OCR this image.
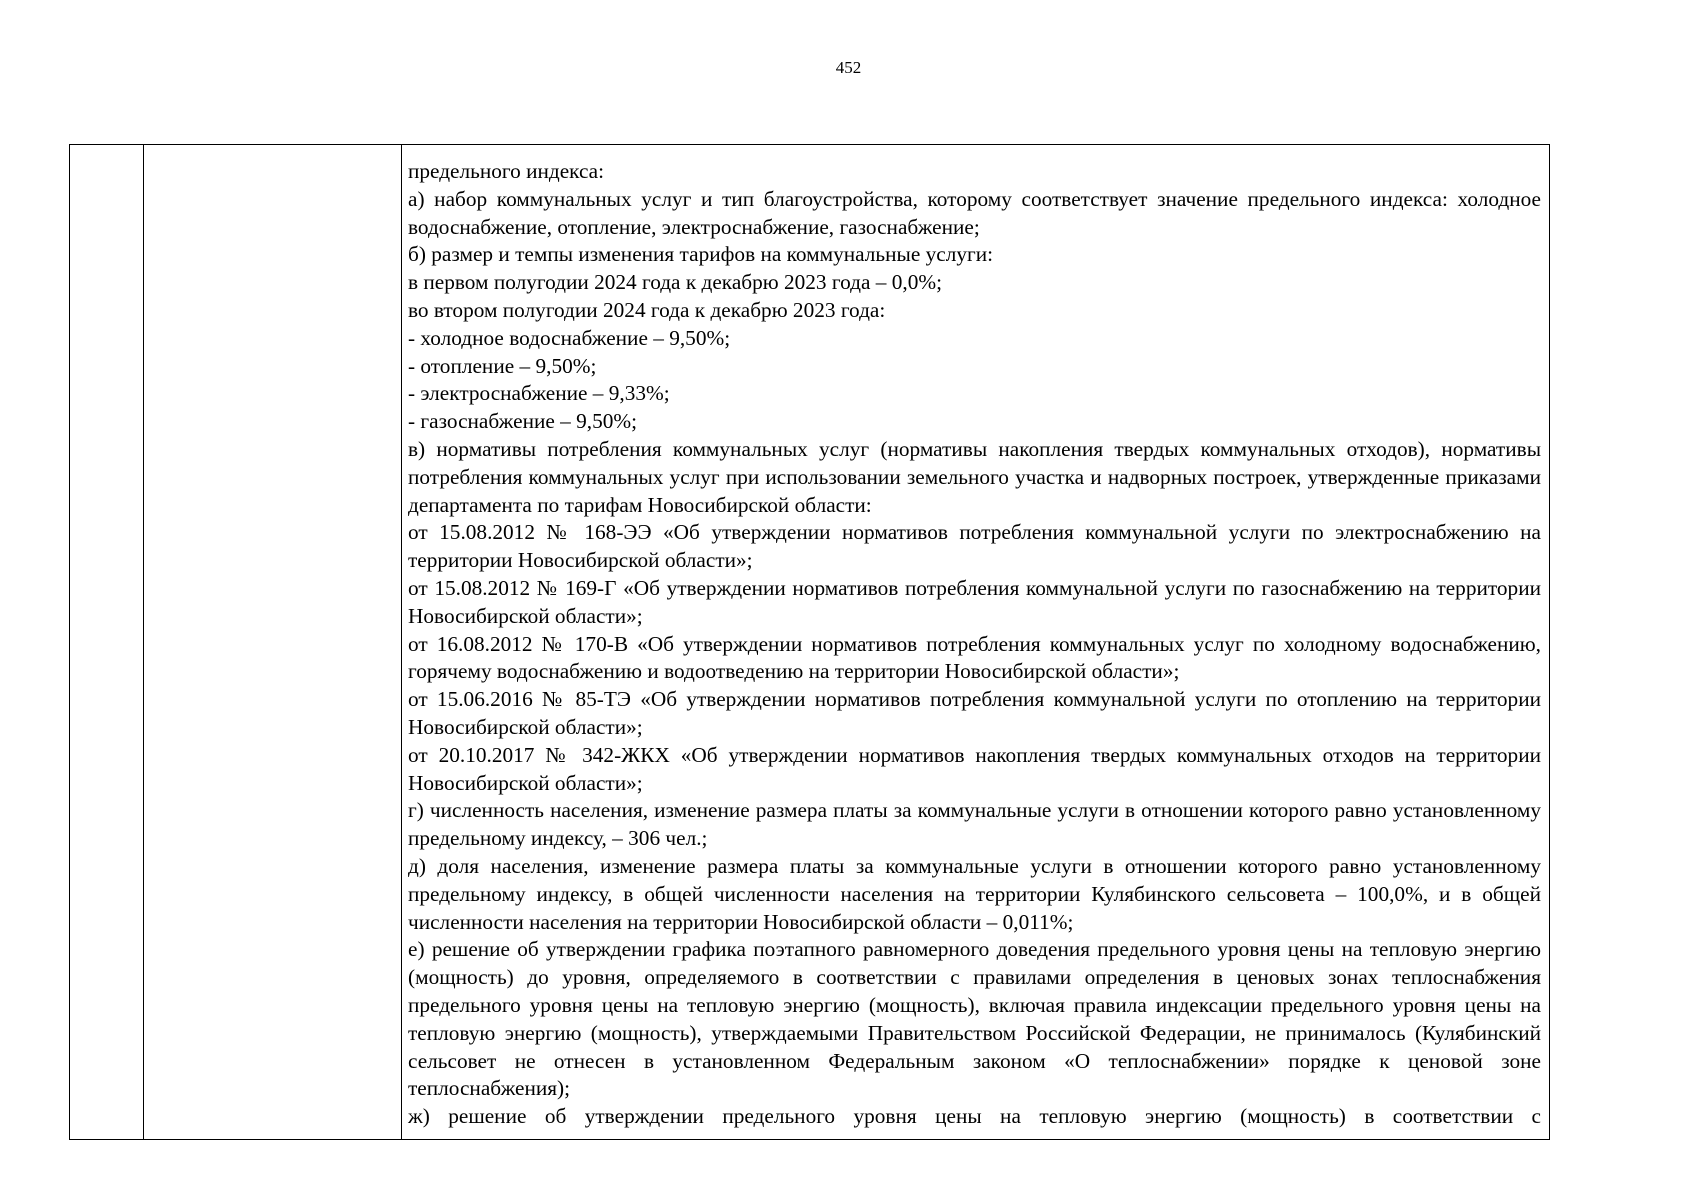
452

предельного индекса:

а) набор коммунальных услуг и тип благоустройства, которому соответствует значение предельного индекса: холодное водоснабжение, отопление, электроснабжение, газоснабжение;

б) размер и темпы изменения тарифов на коммунальные услуги:

в первом полугодии 2024 года к декабрю 2023 года – 0,0%;

во втором полугодии 2024 года к декабрю 2023 года:

- холодное водоснабжение – 9,50%;

- отопление – 9,50%;

- электроснабжение – 9,33%;

- газоснабжение – 9,50%;

в) нормативы потребления коммунальных услуг (нормативы накопления твердых коммунальных отходов), нормативы потребления коммунальных услуг при использовании земельного участка и надворных построек, утвержденные приказами департамента по тарифам Новосибирской области:

от 15.08.2012 № 168-ЭЭ «Об утверждении нормативов потребления коммунальной услуги по электроснабжению на территории Новосибирской области»;

от 15.08.2012 № 169-Г «Об утверждении нормативов потребления коммунальной услуги по газоснабжению на территории Новосибирской области»;

от 16.08.2012 № 170-В «Об утверждении нормативов потребления коммунальных услуг по холодному водоснабжению, горячему водоснабжению и водоотведению на территории Новосибирской области»;

от 15.06.2016 № 85-ТЭ «Об утверждении нормативов потребления коммунальной услуги по отоплению на территории Новосибирской области»;

от 20.10.2017 № 342-ЖКХ «Об утверждении нормативов накопления твердых коммунальных отходов на территории Новосибирской области»;

г) численность населения, изменение размера платы за коммунальные услуги в отношении которого равно установленному предельному индексу, – 306 чел.;

д) доля населения, изменение размера платы за коммунальные услуги в отношении которого равно установленному предельному индексу, в общей численности населения на территории Кулябинского сельсовета – 100,0%, и в общей численности населения на территории Новосибирской области – 0,011%;

е) решение об утверждении графика поэтапного равномерного доведения предельного уровня цены на тепловую энергию (мощность) до уровня, определяемого в соответствии с правилами определения в ценовых зонах теплоснабжения предельного уровня цены на тепловую энергию (мощность), включая правила индексации предельного уровня цены на тепловую энергию (мощность), утверждаемыми Правительством Российской Федерации, не принималось (Кулябинский сельсовет не отнесен в установленном Федеральным законом «О теплоснабжении» порядке к ценовой зоне теплоснабжения);

ж) решение об утверждении предельного уровня цены на тепловую энергию (мощность) в соответствии с
